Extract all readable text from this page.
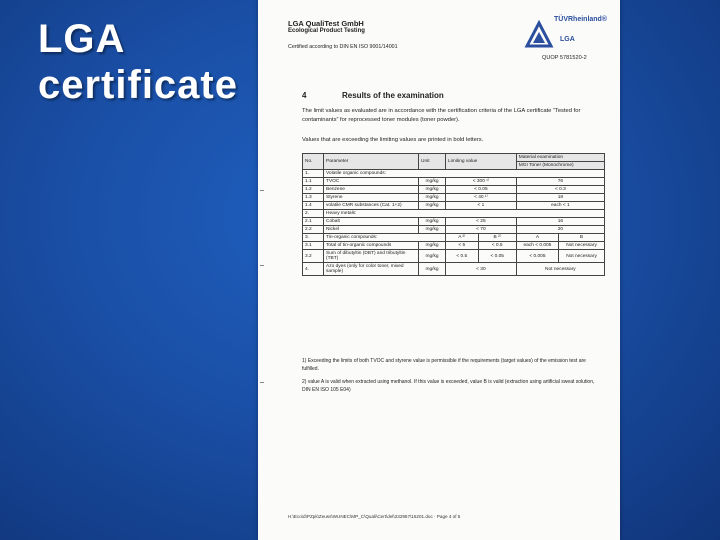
LGA
certificate
LGA QualiTest GmbH
Ecological Product Testing
Certified according to DIN EN ISO 9001/14001
TÜVRheinland®
LGA
QUOP 5781520-2
4	Results of the examination
The limit values as evaluated are in accordance with the certification criteria of the LGA certificate “Tested for contaminants” for reprocessed toner modules (toner powder).
Values that are exceeding the limiting values are printed in bold letters.
No.	Parameter	Unit	Limiting value		Material examination	
					MGI Toner (Monochrome)	
1.	Volatile organic compounds:					
1.1	TVOC	mg/kg	< 300 ¹⁾		76	
1.2	Benzene	mg/kg	< 0.05		< 0.3	
1.3	Styrene	mg/kg	< 40 ¹⁾		18	
1.4	volatile CMR substances (Cat. 1+2)	mg/kg	< 1		each < 1	
2.	Heavy metals:					
2.1	Cobalt	mg/kg	< 25		16	
2.2	Nickel	mg/kg	< 70		20	
3.	Tin-organic compounds:		A ²⁾	B ²⁾	A	B
3.1	Total of tin-organic compounds	mg/kg	< 5	< 0.5	each < 0.005	Not necessary
3.2	Sum of dibutyltin (DBT) and tributyltin (TBT)	mg/kg	< 0.5	< 0.05	< 0.005	Not necessary
4.	Azo dyes (only for color toner, mixed sample)	mg/kg	< 30		Not necessary	

1) Exceeding the limits of both TVOC and styrene value is permissible if the requirements (target values) of the emission test are fulfilled.

2) value A is valid when extracted using methanol. If this value is exceeded, value B is valid (extraction using artificial sweat solution, DIN EN ISO 105 E04)

H:\Eco\d\PZpk\Zeuss\WUNEC\MP_C\Quali\Cert\del\232957\15201.doc · Page 4 of 5
